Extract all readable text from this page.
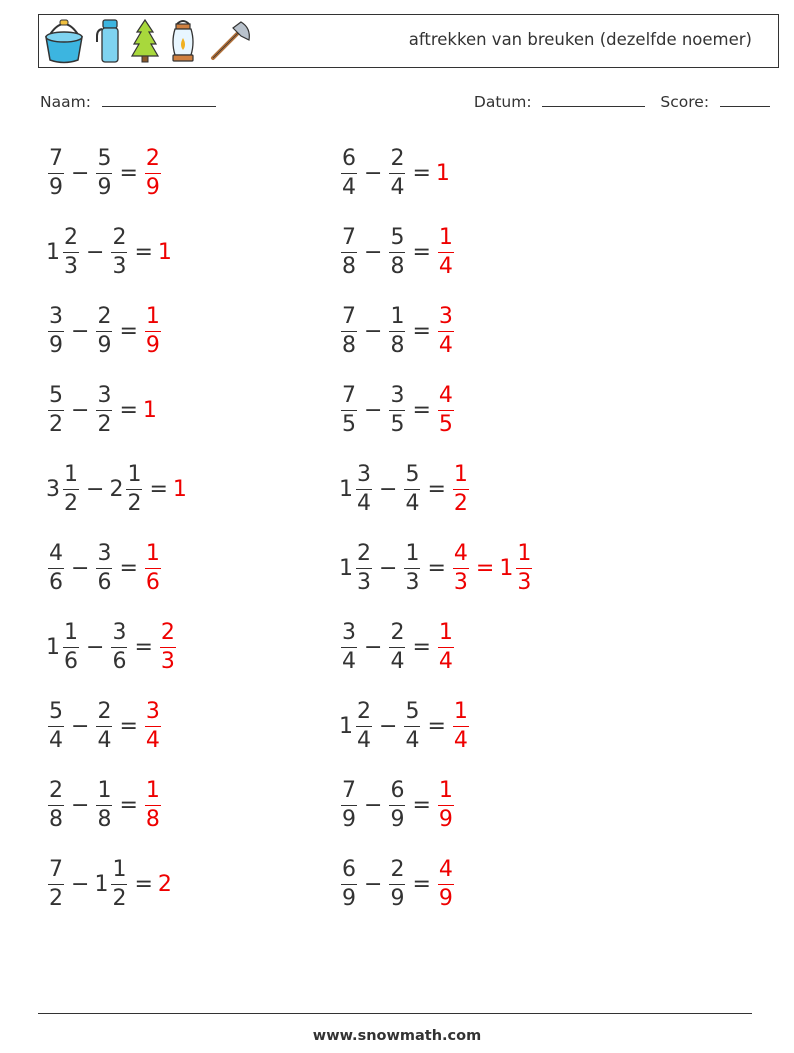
aftrekken van breuken (dezelfde noemer)
Naam:	Datum:	Score:
$\frac{7}{9} - \frac{5}{9} = \frac{2}{9}$	$\frac{6}{4} - \frac{2}{4} = 1$
$1 \frac{2}{3} - \frac{2}{3} = 1$	$\frac{7}{8} - \frac{5}{8} = \frac{1}{4}$
$\frac{3}{9} - \frac{2}{9} = \frac{1}{9}$	$\frac{7}{8} - \frac{1}{8} = \frac{3}{4}$
$\frac{5}{2} - \frac{3}{2} = 1$	$\frac{7}{5} - \frac{3}{5} = \frac{4}{5}$
$3 \frac{1}{2} - 2 \frac{1}{2} = 1$	$1 \frac{3}{4} - \frac{5}{4} = \frac{1}{2}$
$\frac{4}{6} - \frac{3}{6} = \frac{1}{6}$	$1 \frac{2}{3} - \frac{1}{3} = \frac{4}{3} = 1 \frac{1}{3}$
$1 \frac{1}{6} - \frac{3}{6} = \frac{2}{3}$	$\frac{3}{4} - \frac{2}{4} = \frac{1}{4}$
$\frac{5}{4} - \frac{2}{4} = \frac{3}{4}$	$1 \frac{2}{4} - \frac{5}{4} = \frac{1}{4}$
$\frac{2}{8} - \frac{1}{8} = \frac{1}{8}$	$\frac{7}{9} - \frac{6}{9} = \frac{1}{9}$
$\frac{7}{2} - 1 \frac{1}{2} = 2$	$\frac{6}{9} - \frac{2}{9} = \frac{4}{9}$
www.snowmath.com
